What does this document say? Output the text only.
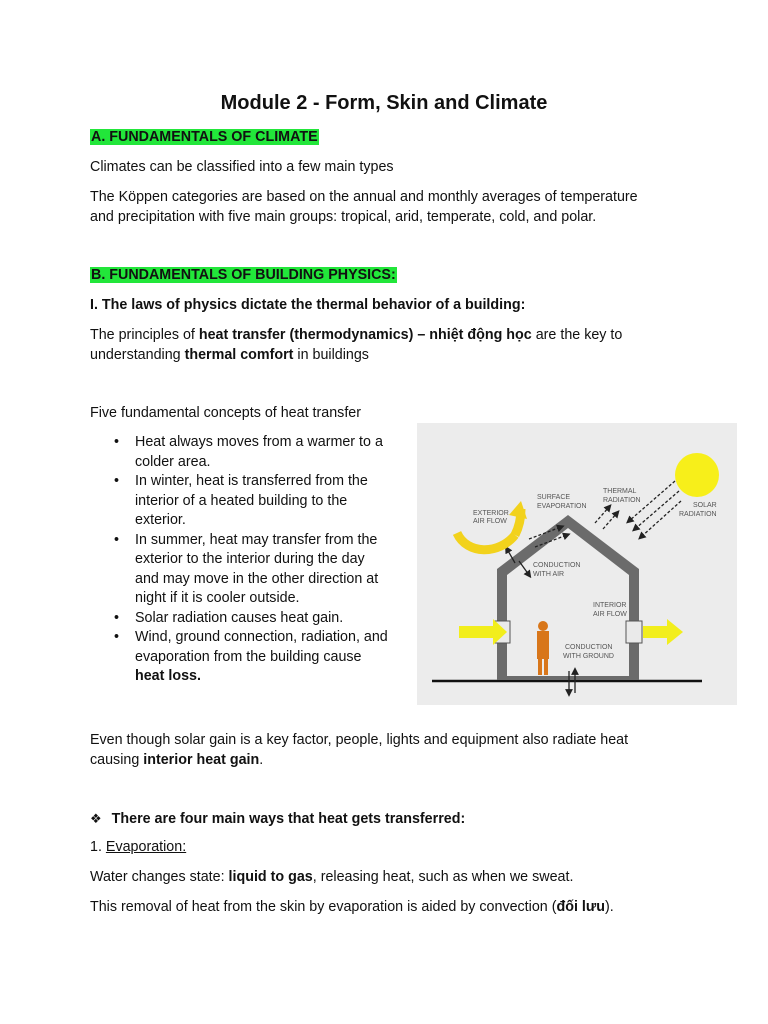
Module 2 - Form, Skin and Climate

A. FUNDAMENTALS OF CLIMATE

Climates can be classified into a few main types

The Köppen categories are based on the annual and monthly averages of temperature
and precipitation with five main groups: tropical, arid, temperate, cold, and polar.

B. FUNDAMENTALS OF BUILDING PHYSICS:

I. The laws of physics dictate the thermal behavior of a building:

The principles of heat transfer (thermodynamics) – nhiệt động học are the key to
understanding thermal comfort in buildings

Five fundamental concepts of heat transfer

• Heat always moves from a warmer to a
colder area.
• In winter, heat is transferred from the
interior of a heated building to the
exterior.
• In summer, heat may transfer from the
exterior to the interior during the day
and may move in the other direction at
night if it is cooler outside.
• Solar radiation causes heat gain.
• Wind, ground connection, radiation, and
evaporation from the building cause
heat loss.
EXTERIOR
AIR FLOW
SURFACE
EVAPORATION
THERMAL
RADIATION
SOLAR
RADIATION
CONDUCTION
WITH AIR
INTERIOR
AIR FLOW
CONDUCTION
WITH GROUND

Even though solar gain is a key factor, people, lights and equipment also radiate heat
causing interior heat gain.

❖ There are four main ways that heat gets transferred:

1. Evaporation:

Water changes state: liquid to gas, releasing heat, such as when we sweat.

This removal of heat from the skin by evaporation is aided by convection (đối lưu).
